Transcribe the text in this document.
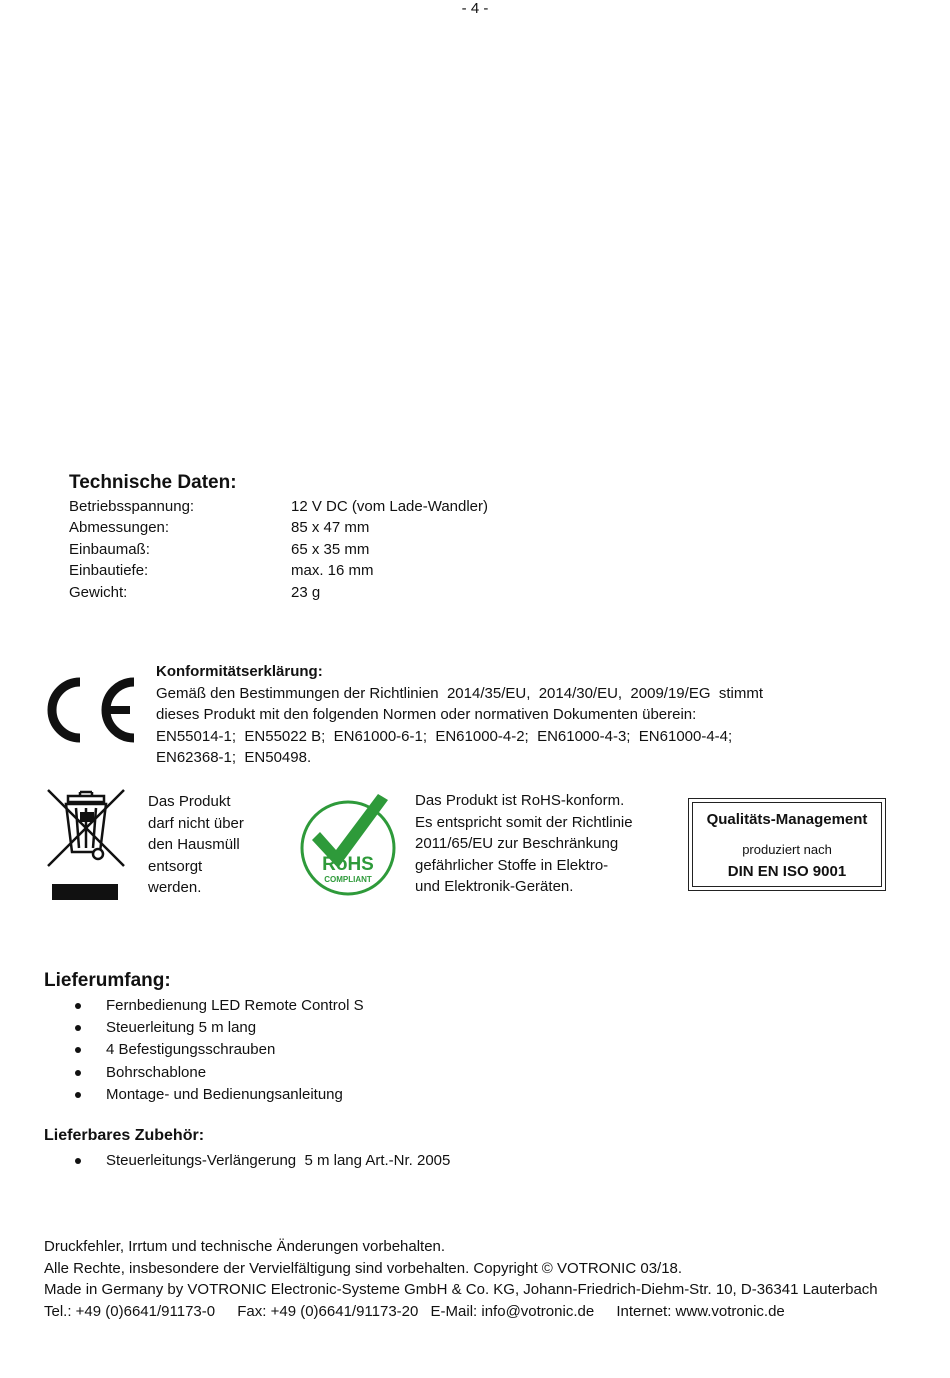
- 4 -
Technische Daten:
Betriebsspannung:	12 V DC (vom Lade-Wandler)
Abmessungen:	85 x 47 mm
Einbaumaß:	65 x 35 mm
Einbautiefe:	max. 16 mm
Gewicht:	23 g
Konformitätserklärung:
Gemäß den Bestimmungen der Richtlinien  2014/35/EU,  2014/30/EU,  2009/19/EG  stimmt
dieses Produkt mit den folgenden Normen oder normativen Dokumenten überein:
EN55014-1;  EN55022 B;  EN61000-6-1;  EN61000-4-2;  EN61000-4-3;  EN61000-4-4;
EN62368-1;  EN50498.
Das Produkt
darf nicht über
den Hausmüll
entsorgt
werden.
RoHS
COMPLIANT
Das Produkt ist RoHS-konform.
Es entspricht somit der Richtlinie
2011/65/EU zur Beschränkung
gefährlicher Stoffe in Elektro-
und Elektronik-Geräten.
Qualitäts-Management
produziert nach
DIN EN ISO 9001
Lieferumfang:
Fernbedienung LED Remote Control S
Steuerleitung 5 m lang
4 Befestigungsschrauben
Bohrschablone
Montage- und Bedienungsanleitung
Lieferbares Zubehör:
Steuerleitungs-Verlängerung  5 m lang Art.-Nr. 2005
Druckfehler, Irrtum und technische Änderungen vorbehalten.
Alle Rechte, insbesondere der Vervielfältigung sind vorbehalten. Copyright © VOTRONIC 03/18.
Made in Germany by VOTRONIC Electronic-Systeme GmbH & Co. KG, Johann-Friedrich-Diehm-Str. 10, D-36341 Lauterbach
Tel.: +49 (0)6641/91173-0 Fax: +49 (0)6641/91173-20 E-Mail: info@votronic.de Internet: www.votronic.de
